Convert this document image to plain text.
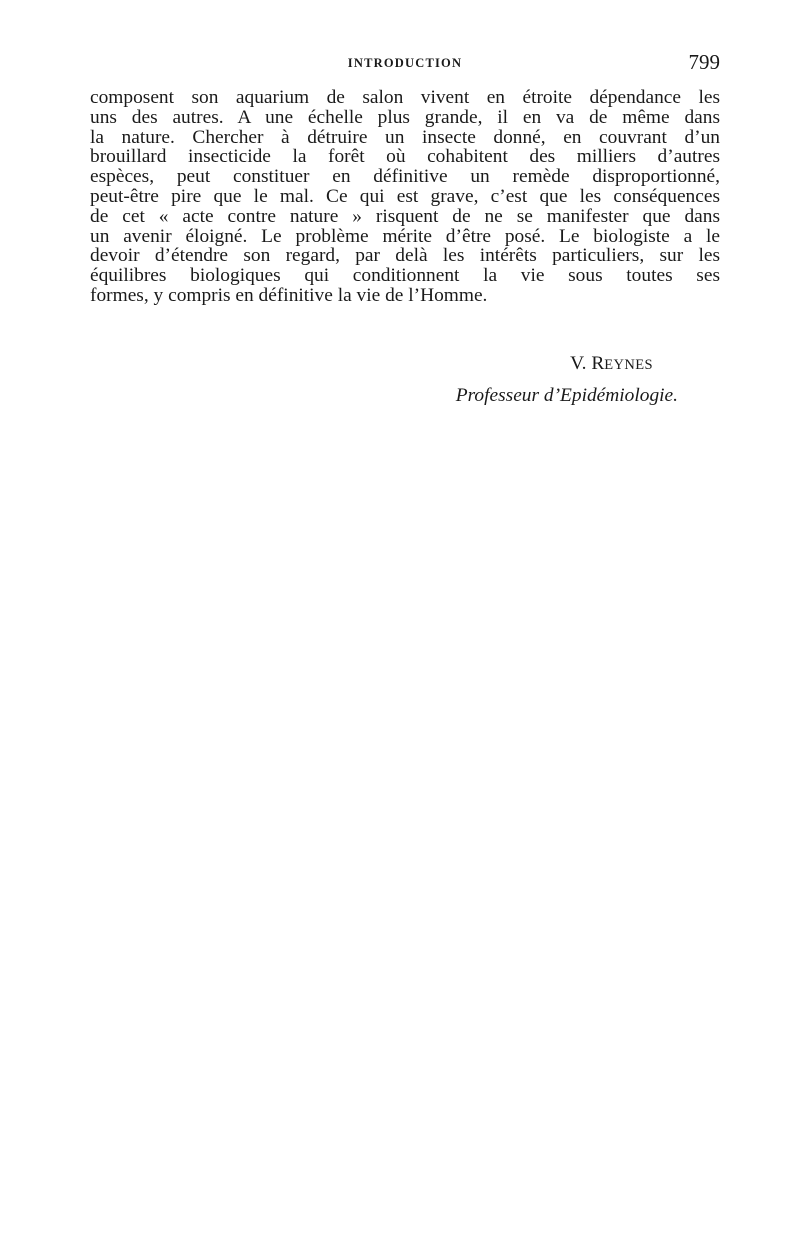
INTRODUCTION	799

composent son aquarium de salon vivent en étroite dépendance les
uns des autres. A une échelle plus grande, il en va de même dans
la nature. Chercher à détruire un insecte donné, en couvrant d’un
brouillard insecticide la forêt où cohabitent des milliers d’autres
espèces, peut constituer en définitive un remède disproportionné,
peut-être pire que le mal. Ce qui est grave, c’est que les conséquences
de cet « acte contre nature » risquent de ne se manifester que dans
un avenir éloigné. Le problème mérite d’être posé. Le biologiste a le
devoir d’étendre son regard, par delà les intérêts particuliers, sur les
équilibres biologiques qui conditionnent la vie sous toutes ses
formes, y compris en définitive la vie de l’Homme.

V. REYNES
Professeur d’Epidémiologie.
